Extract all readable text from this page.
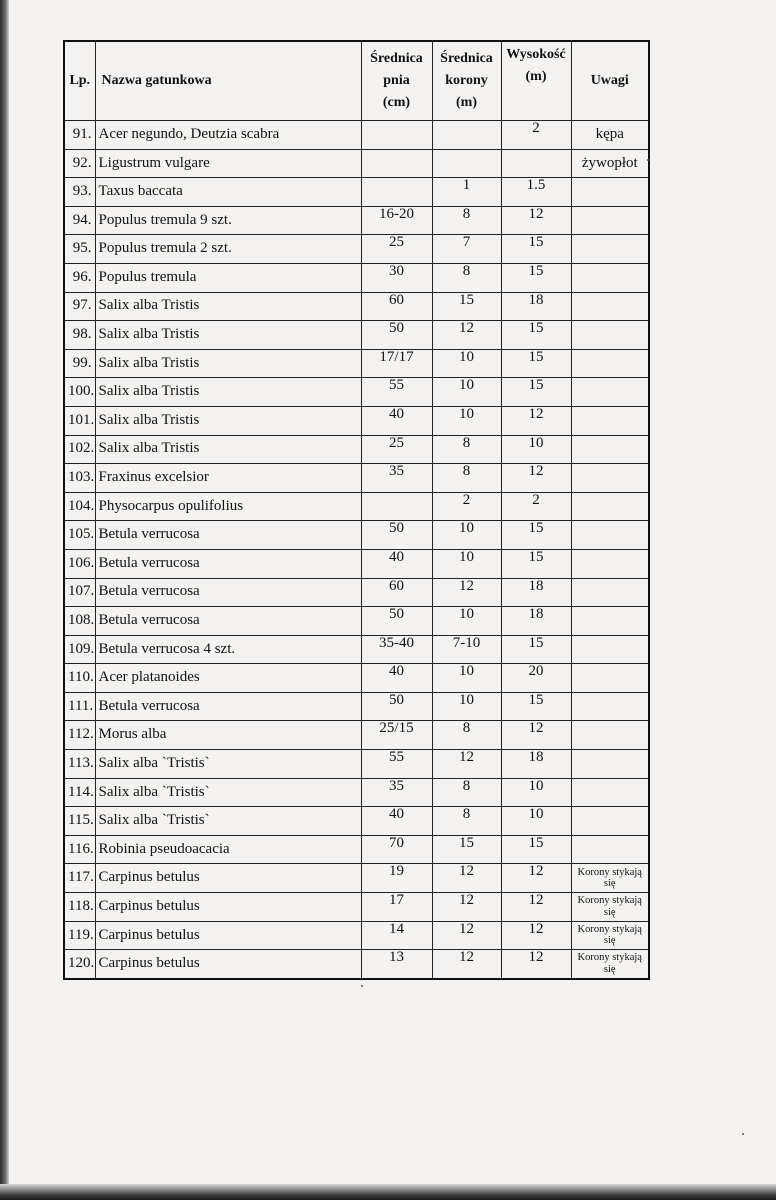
Lp.	Nazwa gatunkowa	Średnica
pnia
(cm)	Średnica
korony
(m)	Wysokość
(m)	Uwagi
91.	Acer negundo, Deutzia scabra			2	kępa
92.	Ligustrum vulgare				żywopłot
93.	Taxus baccata		1	1.5	
94.	Populus tremula 9 szt.	16-20	8	12	
95.	Populus tremula 2 szt.	25	7	15	
96.	Populus tremula	30	8	15	
97.	Salix alba Tristis	60	15	18	
98.	Salix alba Tristis	50	12	15	
99.	Salix alba Tristis	17/17	10	15	
100.	Salix alba Tristis	55	10	15	
101.	Salix alba Tristis	40	10	12	
102.	Salix alba Tristis	25	8	10	
103.	Fraxinus excelsior	35	8	12	
104.	Physocarpus opulifolius		2	2	
105.	Betula verrucosa	50	10	15	
106.	Betula verrucosa	40	10	15	
107.	Betula verrucosa	60	12	18	
108.	Betula verrucosa	50	10	18	
109.	Betula verrucosa 4 szt.	35-40	7-10	15	
110.	Acer platanoides	40	10	20	
111.	Betula verrucosa	50	10	15	
112.	Morus alba	25/15	8	12	
113.	Salix alba `Tristis`	55	12	18	
114.	Salix alba `Tristis`	35	8	10	
115.	Salix alba `Tristis`	40	8	10	
116.	Robinia pseudoacacia	70	15	15	
117.	Carpinus betulus	19	12	12	Korony stykają się
118.	Carpinus betulus	17	12	12	Korony stykają się
119.	Carpinus betulus	14	12	12	Korony stykają się
120.	Carpinus betulus	13	12	12	Korony stykają się
